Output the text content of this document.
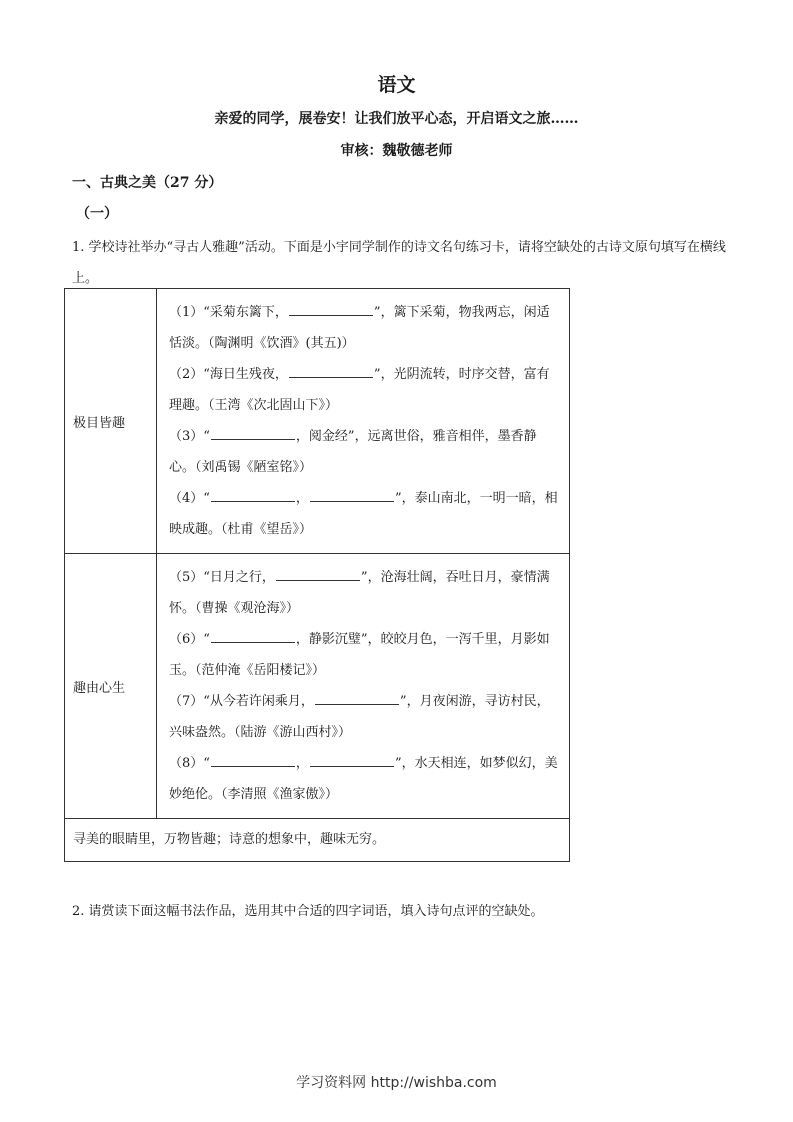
语文
亲爱的同学，展卷安！让我们放平心态，开启语文之旅……
审核：魏敬德老师
一、古典之美（27 分）
（一）
1. 学校诗社举办“寻古人雅趣”活动。下面是小宇同学制作的诗文名句练习卡，请将空缺处的古诗文原句填写在横线上。
极目皆趣	（1）“采菊东篱下， ”，篱下采菊，物我两忘，闲适恬淡。（陶渊明《饮酒》(其五)）
（2）“海日生残夜， ”，光阴流转，时序交替，富有理趣。（王湾《次北固山下》）
（3）“ ，阅金经”，远离世俗，雅音相伴，墨香静心。（刘禹锡《陋室铭》）
（4）“ ， ”，泰山南北，一明一暗，相映成趣。（杜甫《望岳》）

趣由心生	（5）“日月之行， ”，沧海壮阔，吞吐日月，豪情满怀。（曹操《观沧海》）
（6）“ ，静影沉璧”，皎皎月色，一泻千里，月影如玉。（范仲淹《岳阳楼记》）
（7）“从今若许闲乘月， ”，月夜闲游，寻访村民，兴味盎然。（陆游《游山西村》）
（8）“ ， ”，水天相连，如梦似幻，美妙绝伦。（李清照《渔家傲》）

寻美的眼睛里，万物皆趣；诗意的想象中，趣味无穷。	
2. 请赏读下面这幅书法作品，选用其中合适的四字词语，填入诗句点评的空缺处。
学习资料网 http://wishba.com
